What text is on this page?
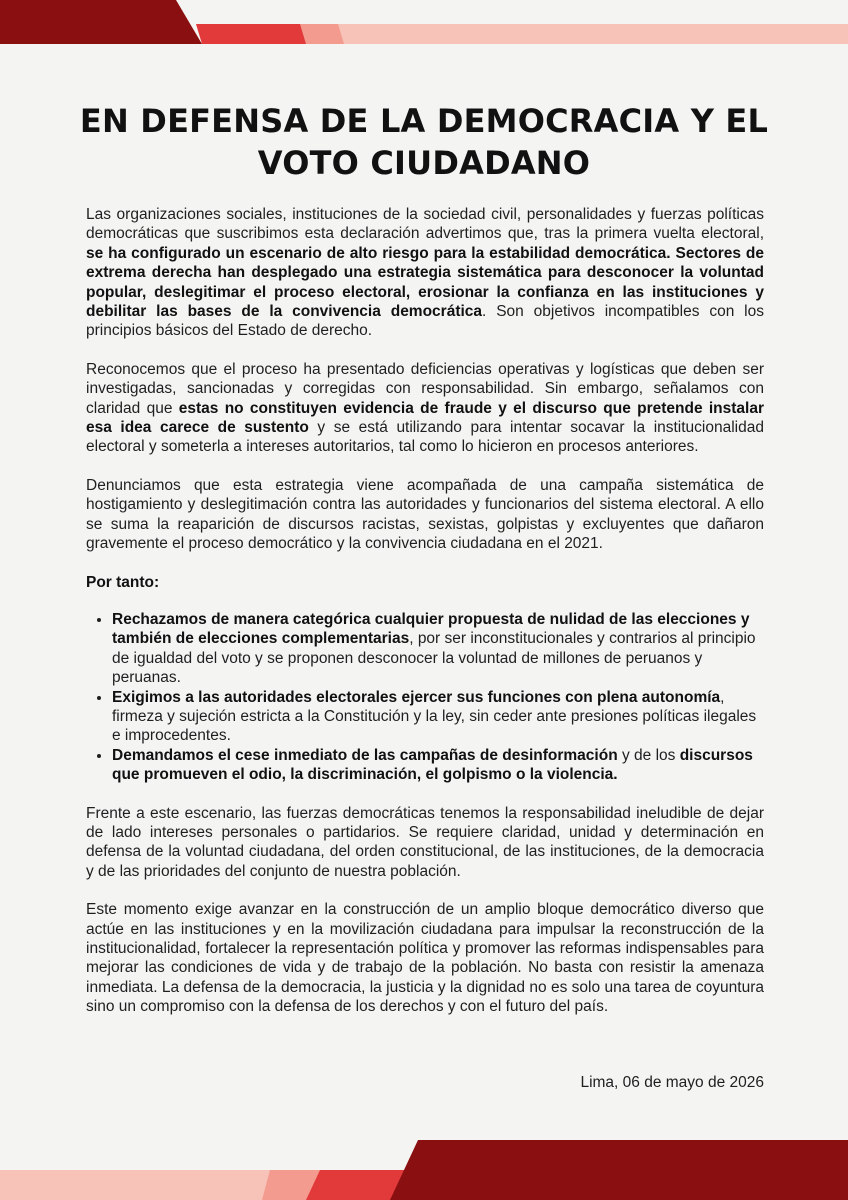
EN DEFENSA DE LA DEMOCRACIA Y EL VOTO CIUDADANO

Las organizaciones sociales, instituciones de la sociedad civil, personalidades y fuerzas políticas democráticas que suscribimos esta declaración advertimos que, tras la primera vuelta electoral, se ha configurado un escenario de alto riesgo para la estabilidad democrática. Sectores de extrema derecha han desplegado una estrategia sistemática para desconocer la voluntad popular, deslegitimar el proceso electoral, erosionar la confianza en las instituciones y debilitar las bases de la convivencia democrática. Son objetivos incompatibles con los principios básicos del Estado de derecho.

Reconocemos que el proceso ha presentado deficiencias operativas y logísticas que deben ser investigadas, sancionadas y corregidas con responsabilidad. Sin embargo, señalamos con claridad que estas no constituyen evidencia de fraude y el discurso que pretende instalar esa idea carece de sustento y se está utilizando para intentar socavar la institucionalidad electoral y someterla a intereses autoritarios, tal como lo hicieron en procesos anteriores.

Denunciamos que esta estrategia viene acompañada de una campaña sistemática de hostigamiento y deslegitimación contra las autoridades y funcionarios del sistema electoral. A ello se suma la reaparición de discursos racistas, sexistas, golpistas y excluyentes que dañaron gravemente el proceso democrático y la convivencia ciudadana en el 2021.

Por tanto:

• Rechazamos de manera categórica cualquier propuesta de nulidad de las elecciones y también de elecciones complementarias, por ser inconstitucionales y contrarios al principio de igualdad del voto y se proponen desconocer la voluntad de millones de peruanos y peruanas.
• Exigimos a las autoridades electorales ejercer sus funciones con plena autonomía, firmeza y sujeción estricta a la Constitución y la ley, sin ceder ante presiones políticas ilegales e improcedentes.
• Demandamos el cese inmediato de las campañas de desinformación y de los discursos que promueven el odio, la discriminación, el golpismo o la violencia.

Frente a este escenario, las fuerzas democráticas tenemos la responsabilidad ineludible de dejar de lado intereses personales o partidarios. Se requiere claridad, unidad y determinación en defensa de la voluntad ciudadana, del orden constitucional, de las instituciones, de la democracia y de las prioridades del conjunto de nuestra población.

Este momento exige avanzar en la construcción de un amplio bloque democrático diverso que actúe en las instituciones y en la movilización ciudadana para impulsar la reconstrucción de la institucionalidad, fortalecer la representación política y promover las reformas indispensables para mejorar las condiciones de vida y de trabajo de la población. No basta con resistir la amenaza inmediata. La defensa de la democracia, la justicia y la dignidad no es solo una tarea de coyuntura sino un compromiso con la defensa de los derechos y con el futuro del país.

Lima, 06 de mayo de 2026
